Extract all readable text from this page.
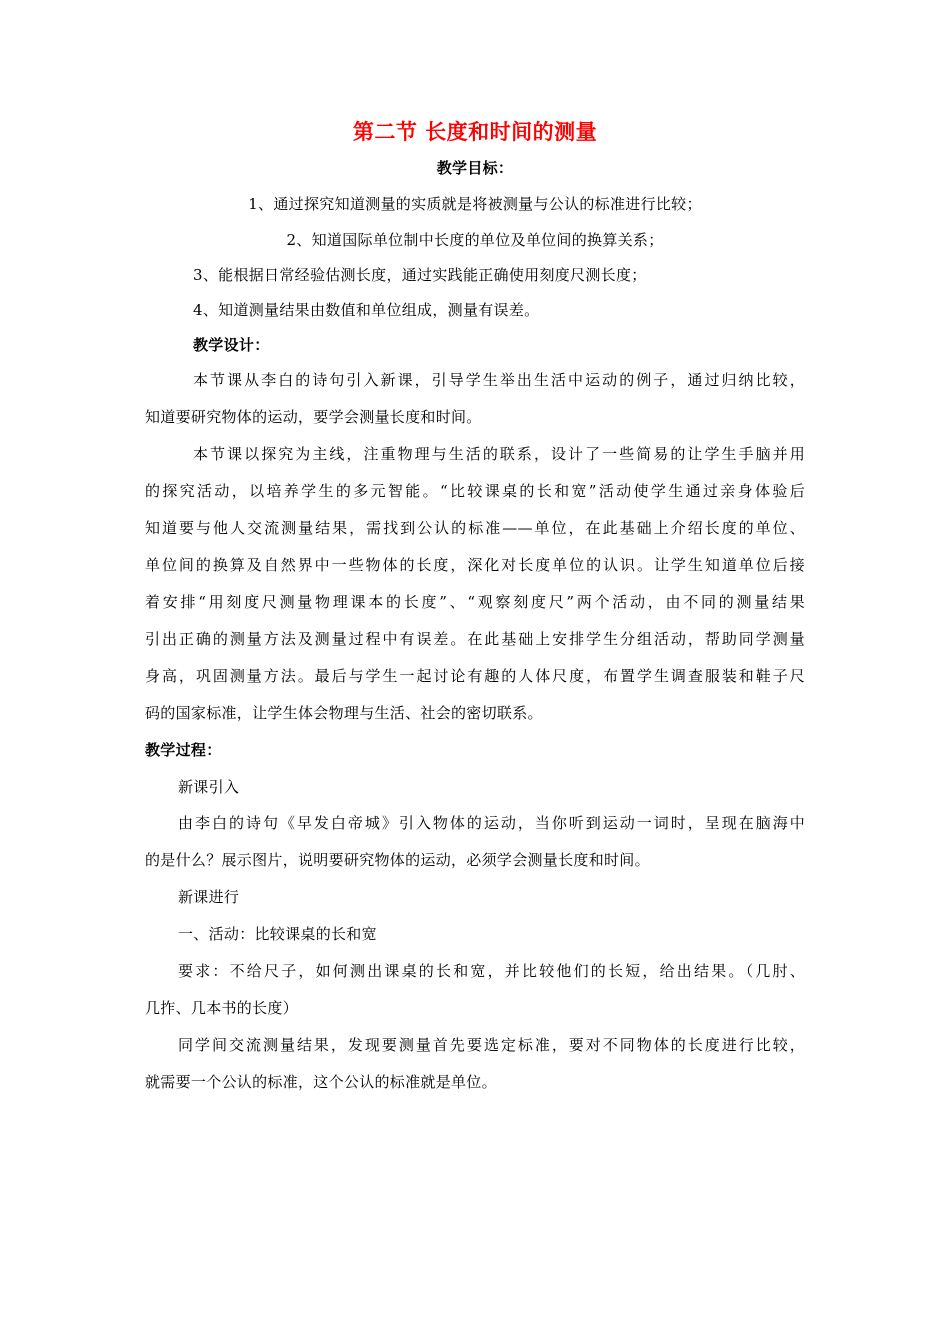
第二节 长度和时间的测量
教学目标：
1、通过探究知道测量的实质就是将被测量与公认的标准进行比较；
2、知道国际单位制中长度的单位及单位间的换算关系；
3、能根据日常经验估测长度，通过实践能正确使用刻度尺测长度；
4、知道测量结果由数值和单位组成，测量有误差。
教学设计：
本节课从李白的诗句引入新课，引导学生举出生活中运动的例子，通过归纳比较，
知道要研究物体的运动，要学会测量长度和时间。
本节课以探究为主线，注重物理与生活的联系，设计了一些简易的让学生手脑并用
的探究活动，以培养学生的多元智能。“比较课桌的长和宽”活动使学生通过亲身体验后
知道要与他人交流测量结果，需找到公认的标准——单位，在此基础上介绍长度的单位、
单位间的换算及自然界中一些物体的长度，深化对长度单位的认识。让学生知道单位后接
着安排“用刻度尺测量物理课本的长度”、“观察刻度尺”两个活动，由不同的测量结果
引出正确的测量方法及测量过程中有误差。在此基础上安排学生分组活动，帮助同学测量
身高，巩固测量方法。最后与学生一起讨论有趣的人体尺度，布置学生调查服装和鞋子尺
码的国家标准，让学生体会物理与生活、社会的密切联系。
教学过程：
新课引入
由李白的诗句《早发白帝城》引入物体的运动，当你听到运动一词时，呈现在脑海中
的是什么？展示图片，说明要研究物体的运动，必须学会测量长度和时间。
新课进行
一、活动：比较课桌的长和宽
要求：不给尺子，如何测出课桌的长和宽，并比较他们的长短，给出结果。（几肘、
几拃、几本书的长度）
同学间交流测量结果，发现要测量首先要选定标准，要对不同物体的长度进行比较，
就需要一个公认的标准，这个公认的标准就是单位。
